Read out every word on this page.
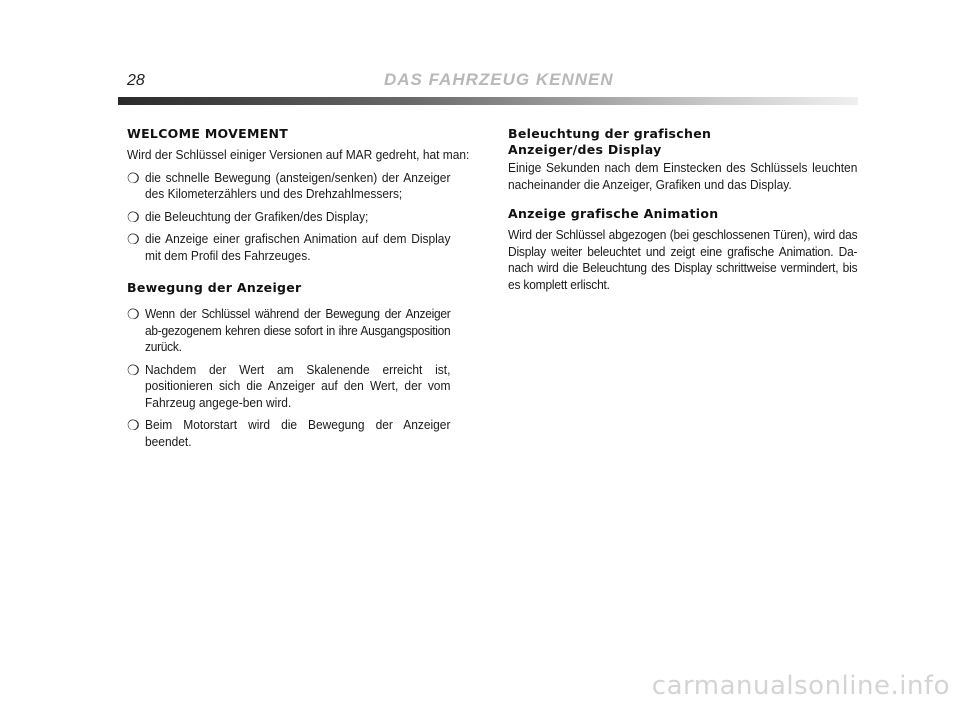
28	DAS FAHRZEUG KENNEN
WELCOME MOVEMENT

Wird der Schlüssel einiger Versionen auf MAR gedreht, hat man:

❍ die schnelle Bewegung (ansteigen/senken) der Anzeiger des Kilometerzählers und des Drehzahlmessers;
❍ die Beleuchtung der Grafiken/des Display;
❍ die Anzeige einer grafischen Animation auf dem Display mit dem Profil des Fahrzeuges.
Bewegung der Anzeiger
❍ Wenn der Schlüssel während der Bewegung der Anzeiger ab-gezogenem kehren diese sofort in ihre Ausgangsposition zurück.
❍ Nachdem der Wert am Skalenende erreicht ist, positionieren sich die Anzeiger auf den Wert, der vom Fahrzeug angege-ben wird.
❍ Beim Motorstart wird die Bewegung der Anzeiger beendet.
Beleuchtung der grafischen
Anzeiger/des Display

Einige Sekunden nach dem Einstecken des Schlüssels leuchten nacheinander die Anzeiger, Grafiken und das Display.

Anzeige grafische Animation

Wird der Schlüssel abgezogen (bei geschlossenen Türen), wird das Display weiter beleuchtet und zeigt eine grafische Animation. Da-nach wird die Beleuchtung des Display schrittweise vermindert, bis es komplett erlischt.

carmanualsonline.info
